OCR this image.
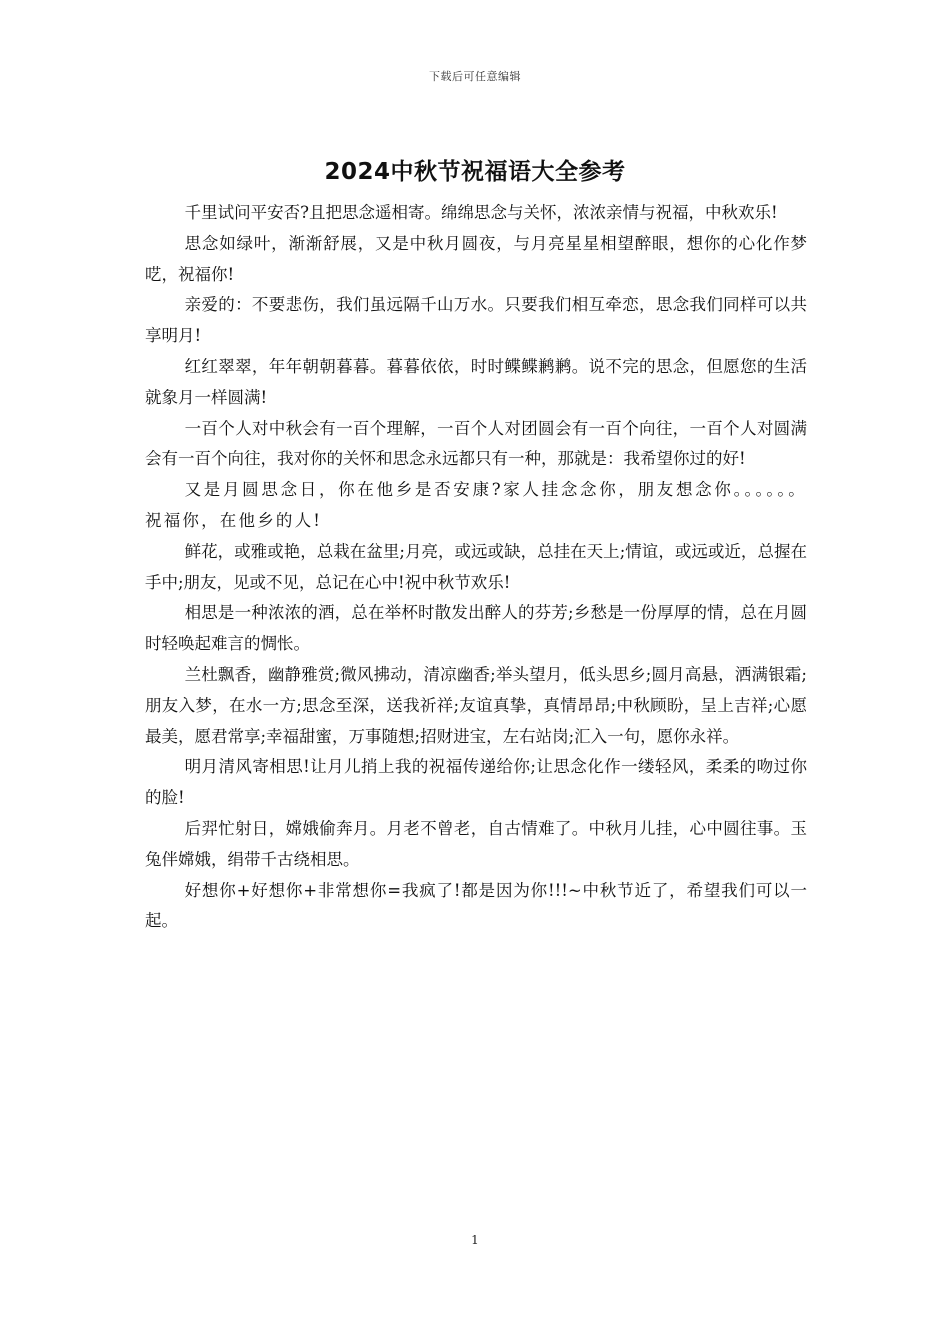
下载后可任意编辑
2024中秋节祝福语大全参考

千里试问平安否?且把思念遥相寄。绵绵思念与关怀，浓浓亲情与祝福，中秋欢乐!

思念如绿叶，渐渐舒展，又是中秋月圆夜，与月亮星星相望醉眼，想你的心化作梦呓，祝福你!

亲爱的：不要悲伤，我们虽远隔千山万水。只要我们相互牵恋，思念我们同样可以共享明月!

红红翠翠，年年朝朝暮暮。暮暮依依，时时鲽鲽鹣鹣。说不完的思念，但愿您的生活就象月一样圆满!

一百个人对中秋会有一百个理解，一百个人对团圆会有一百个向往，一百个人对圆满会有一百个向往，我对你的关怀和思念永远都只有一种，那就是：我希望你过的好!

又是月圆思念日，你在他乡是否安康?家人挂念念你，朋友想念你。。。。。。祝福你，在他乡的人!

鲜花，或雅或艳，总栽在盆里;月亮，或远或缺，总挂在天上;情谊，或远或近，总握在手中;朋友，见或不见，总记在心中!祝中秋节欢乐!

相思是一种浓浓的酒，总在举杯时散发出醉人的芬芳;乡愁是一份厚厚的情，总在月圆时轻唤起难言的惆怅。

兰杜飘香，幽静雅赏;微风拂动，清凉幽香;举头望月，低头思乡;圆月高悬，洒满银霜;朋友入梦，在水一方;思念至深，送我祈祥;友谊真挚，真情昂昂;中秋顾盼，呈上吉祥;心愿最美，愿君常享;幸福甜蜜，万事随想;招财进宝，左右站岗;汇入一句，愿你永祥。

明月清风寄相思!让月儿捎上我的祝福传递给你;让思念化作一缕轻风，柔柔的吻过你的脸!

后羿忙射日，嫦娥偷奔月。月老不曾老，自古情难了。中秋月儿挂，心中圆往事。玉兔伴嫦娥，绢带千古绕相思。

好想你+好想你+非常想你=我疯了!都是因为你!!!~中秋节近了，希望我们可以一起。

1
